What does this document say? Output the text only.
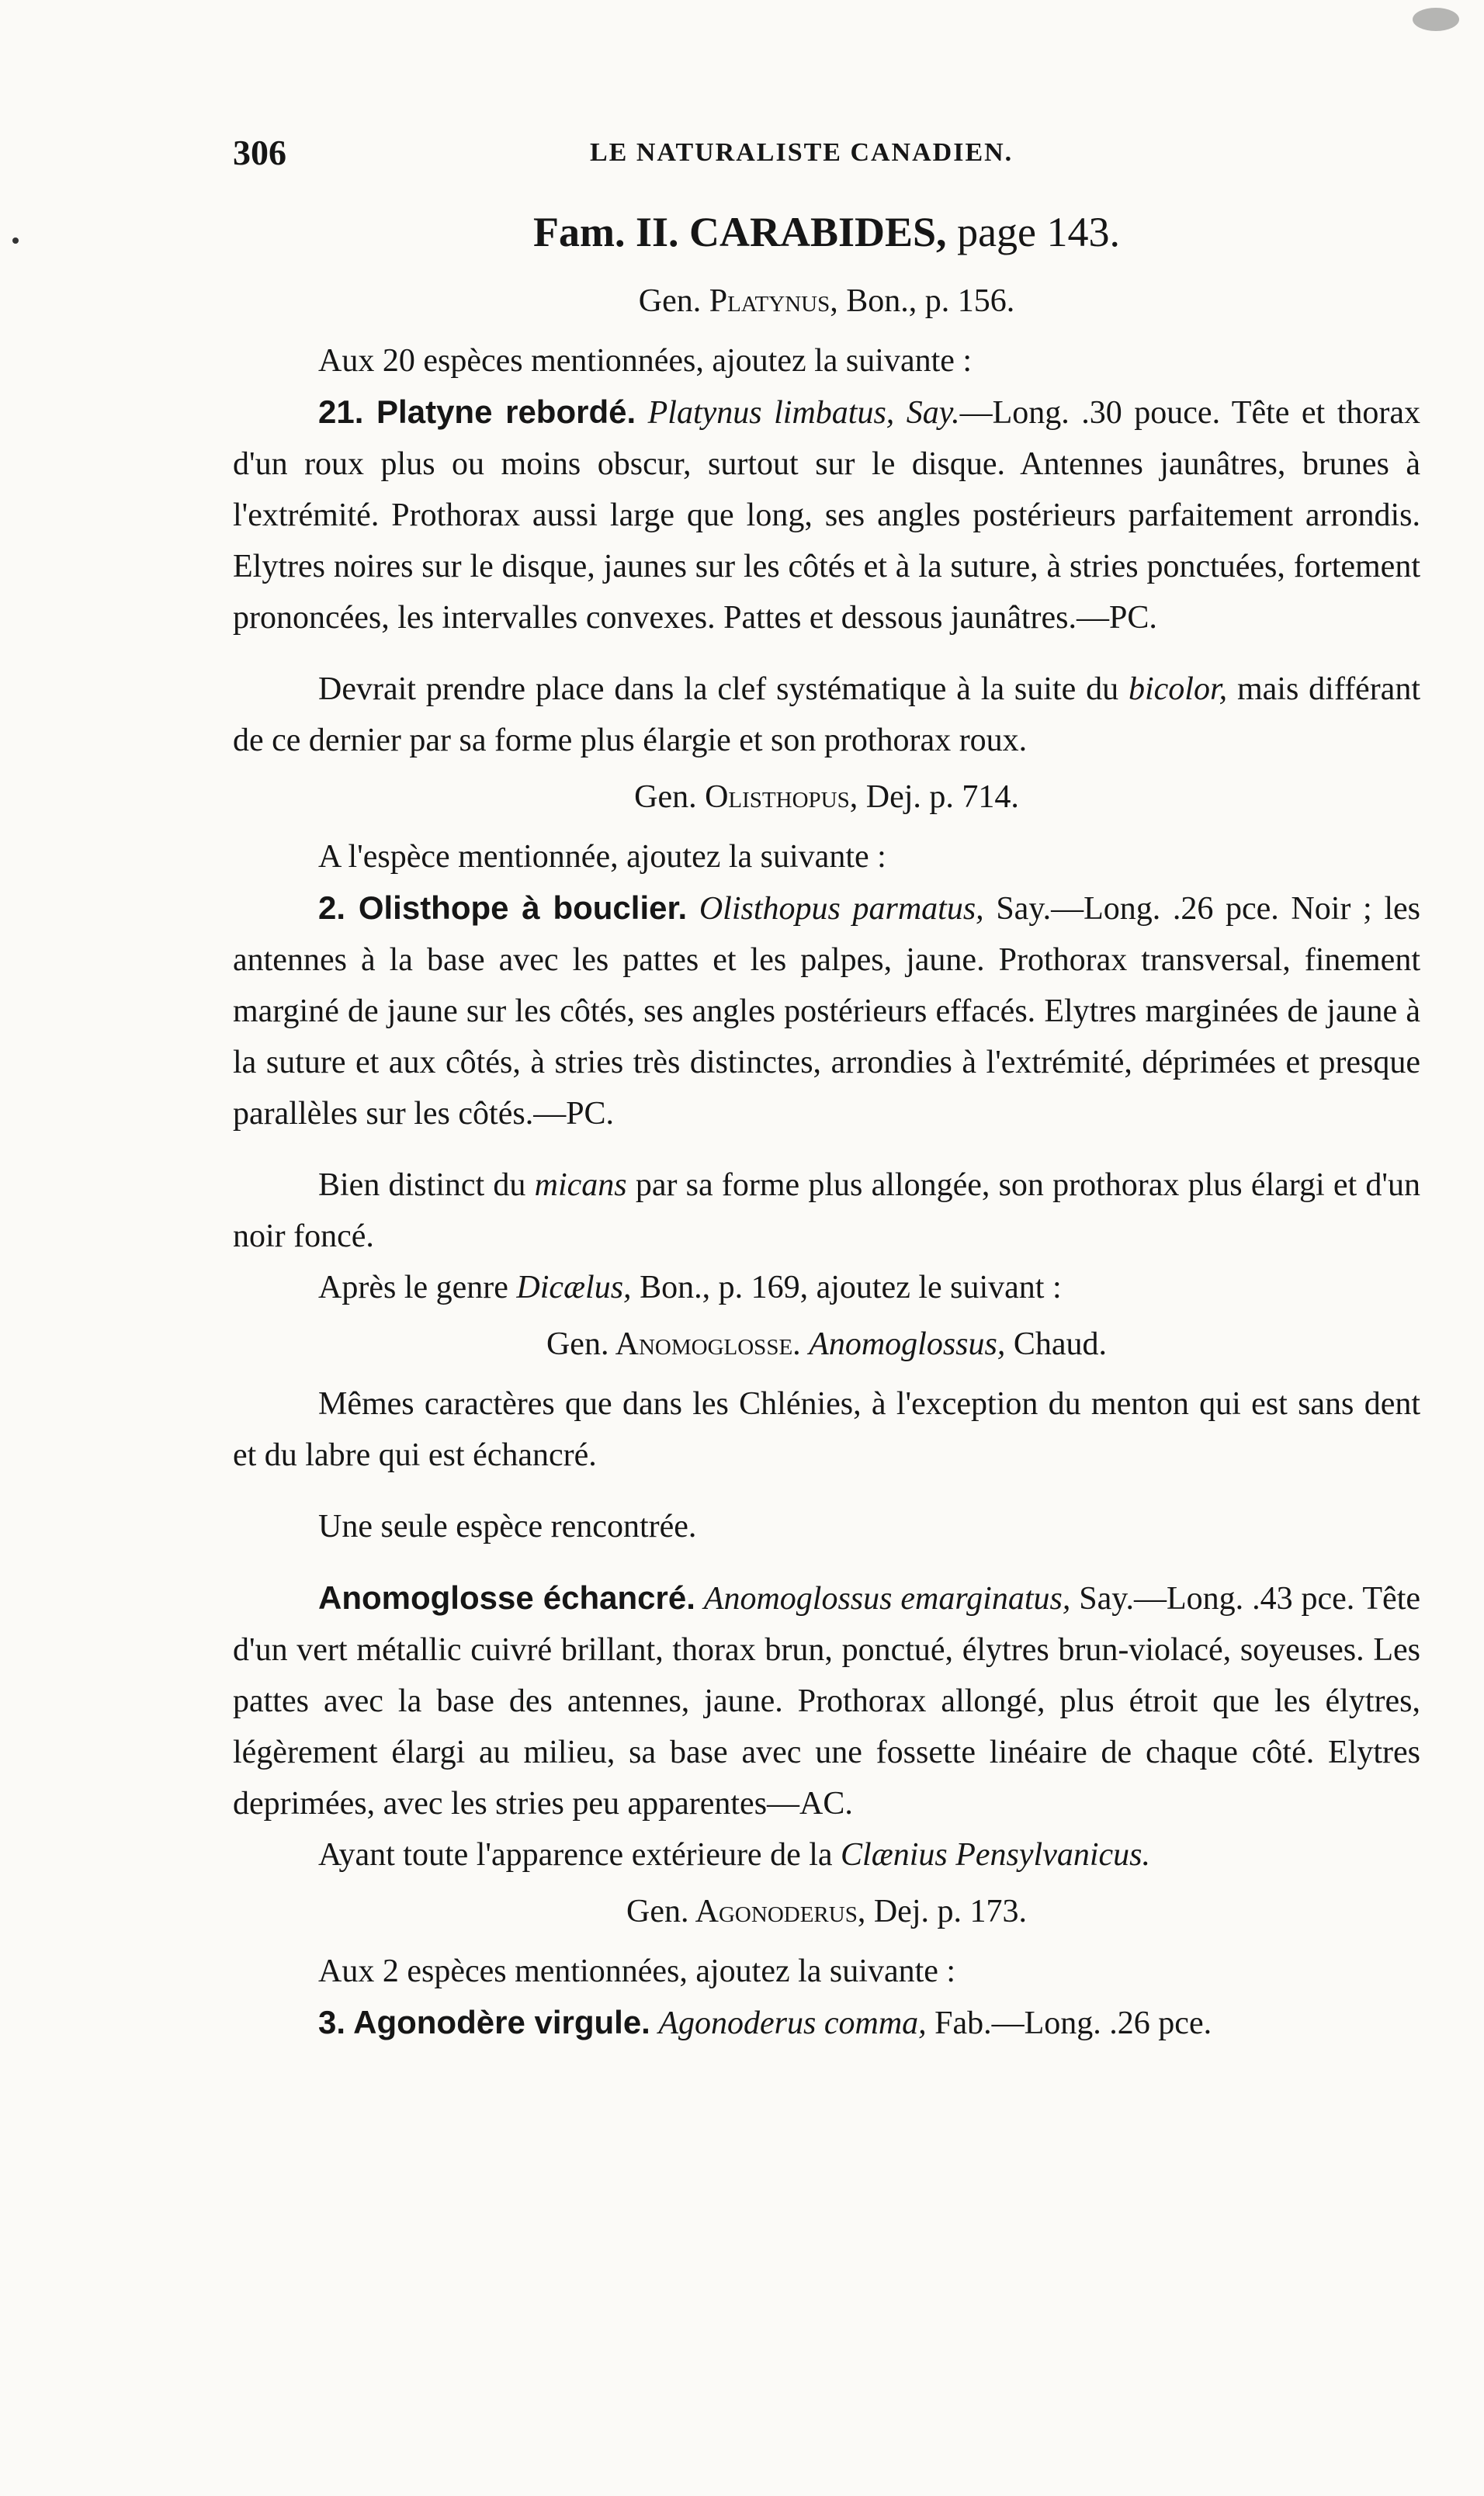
306	LE NATURALISTE CANADIEN.
Fam. II. CARABIDES, page 143.
Gen. Platynus, Bon., p. 156.

Aux 20 espèces mentionnées, ajoutez la suivante :

21. Platyne rebordé. Platynus limbatus, Say.—Long. .30 pouce. Tête et thorax d'un roux plus ou moins obscur, surtout sur le disque. Antennes jaunâtres, brunes à l'extrémité. Prothorax aussi large que long, ses angles postérieurs parfaitement arrondis. Elytres noires sur le disque, jaunes sur les côtés et à la suture, à stries ponctuées, fortement prononcées, les intervalles convexes. Pattes et dessous jaunâtres.—PC.

Devrait prendre place dans la clef systématique à la suite du bicolor, mais différant de ce dernier par sa forme plus élargie et son prothorax roux.

Gen. Olisthopus, Dej. p. 714.

A l'espèce mentionnée, ajoutez la suivante :

2. Olisthope à bouclier. Olisthopus parmatus, Say.—Long. .26 pce. Noir ; les antennes à la base avec les pattes et les palpes, jaune. Prothorax transversal, finement marginé de jaune sur les côtés, ses angles postérieurs effacés. Elytres marginées de jaune à la suture et aux côtés, à stries très distinctes, arrondies à l'extrémité, déprimées et presque parallèles sur les côtés.—PC.

Bien distinct du micans par sa forme plus allongée, son prothorax plus élargi et d'un noir foncé.

Après le genre Dicælus, Bon., p. 169, ajoutez le suivant :

Gen. Anomoglosse. Anomoglossus, Chaud.

Mêmes caractères que dans les Chlénies, à l'exception du menton qui est sans dent et du labre qui est échancré.

Une seule espèce rencontrée.

Anomoglosse échancré. Anomoglossus emarginatus, Say.—Long. .43 pce. Tête d'un vert métallic cuivré brillant, thorax brun, ponctué, élytres brun-violacé, soyeuses. Les pattes avec la base des antennes, jaune. Prothorax allongé, plus étroit que les élytres, légèrement élargi au milieu, sa base avec une fossette linéaire de chaque côté. Elytres deprimées, avec les stries peu apparentes—AC.

Ayant toute l'apparence extérieure de la Clænius Pensylvanicus.

Gen. Agonoderus, Dej. p. 173.

Aux 2 espèces mentionnées, ajoutez la suivante :

3. Agonodère virgule. Agonoderus comma, Fab.—Long. .26 pce.
